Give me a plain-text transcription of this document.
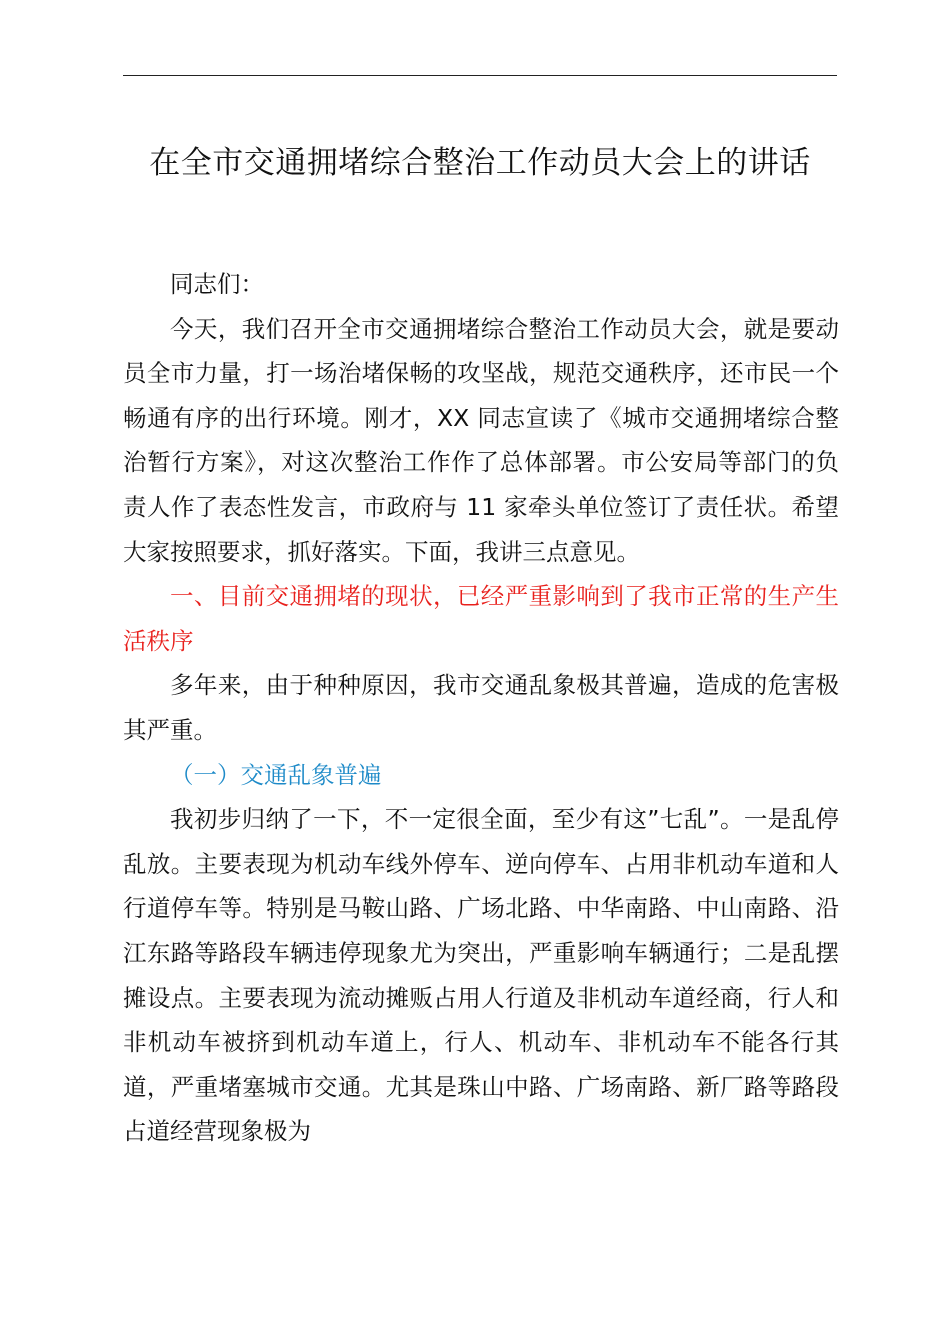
在全市交通拥堵综合整治工作动员大会上的讲话

同志们：

今天，我们召开全市交通拥堵综合整治工作动员大会，就是要动员全市力量，打一场治堵保畅的攻坚战，规范交通秩序，还市民一个畅通有序的出行环境。刚才，XX 同志宣读了《城市交通拥堵综合整治暂行方案》，对这次整治工作作了总体部署。市公安局等部门的负责人作了表态性发言，市政府与 11 家牵头单位签订了责任状。希望大家按照要求，抓好落实。下面，我讲三点意见。

一、目前交通拥堵的现状，已经严重影响到了我市正常的生产生活秩序

多年来，由于种种原因，我市交通乱象极其普遍，造成的危害极其严重。

（一）交通乱象普遍

我初步归纳了一下，不一定很全面，至少有这”七乱”。一是乱停乱放。主要表现为机动车线外停车、逆向停车、占用非机动车道和人行道停车等。特别是马鞍山路、广场北路、中华南路、中山南路、沿江东路等路段车辆违停现象尤为突出，严重影响车辆通行；二是乱摆摊设点。主要表现为流动摊贩占用人行道及非机动车道经商，行人和非机动车被挤到机动车道上，行人、机动车、非机动车不能各行其道，严重堵塞城市交通。尤其是珠山中路、广场南路、新厂路等路段占道经营现象极为
